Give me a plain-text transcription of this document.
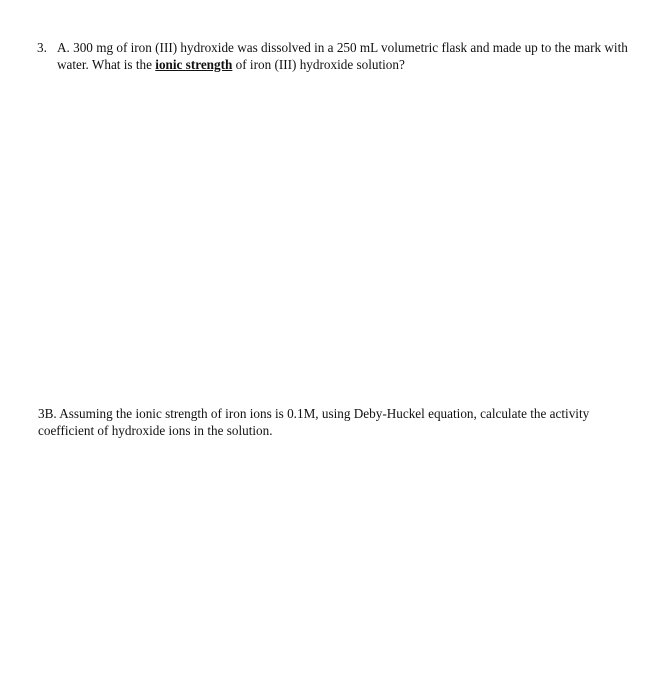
3. A. 300 mg of iron (III) hydroxide was dissolved in a 250 mL volumetric flask and made up to the mark with
water. What is the ionic strength of iron (III) hydroxide solution?
3B. Assuming the ionic strength of iron ions is 0.1M, using Deby-Huckel equation, calculate the activity
coefficient of hydroxide ions in the solution.
